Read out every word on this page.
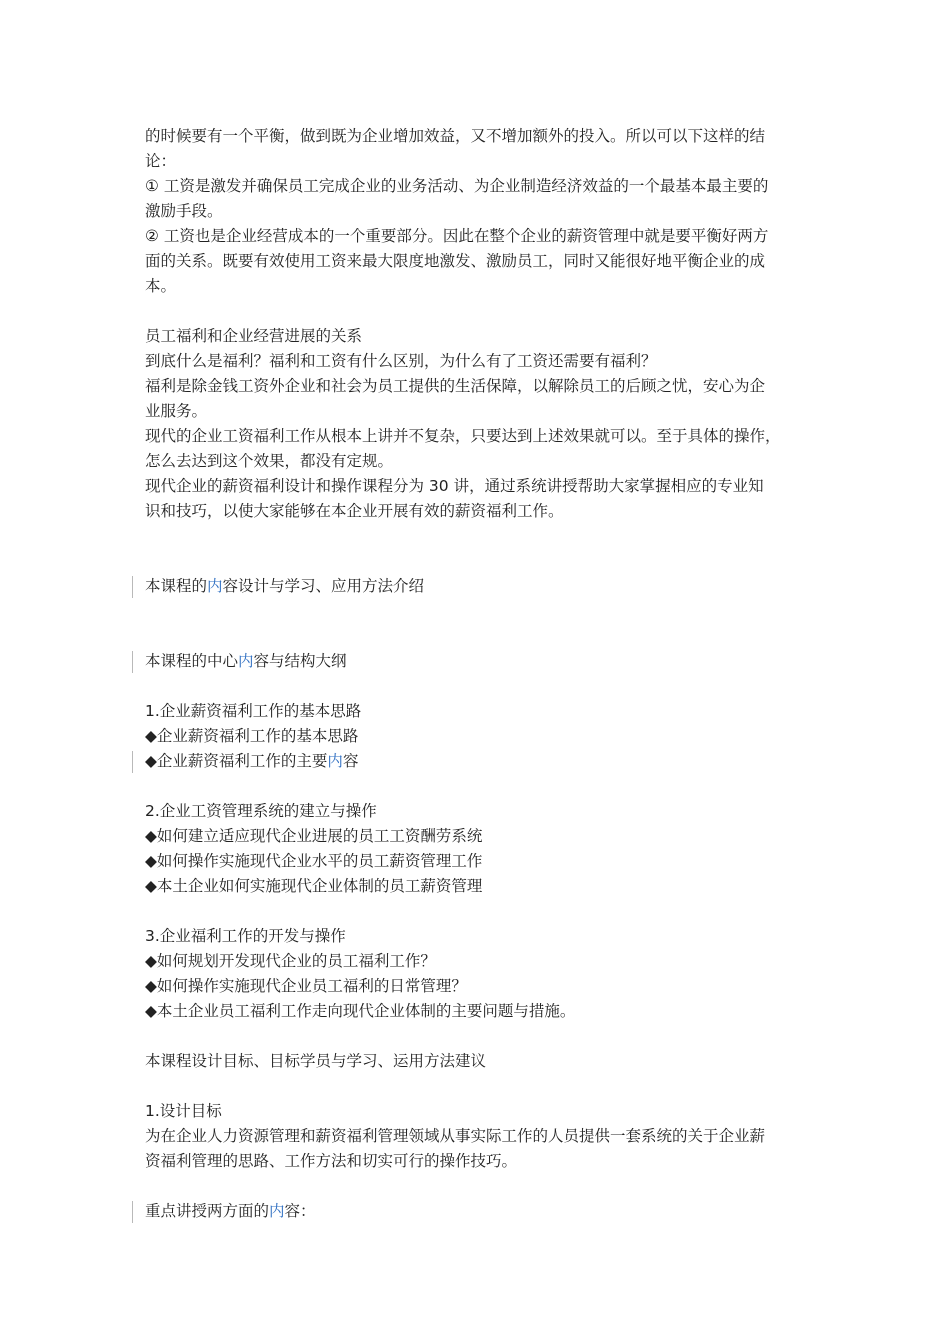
的时候要有一个平衡，做到既为企业增加效益，又不增加额外的投入。所以可以下这样的结
论：
① 工资是激发并确保员工完成企业的业务活动、为企业制造经济效益的一个最基本最主要的
激励手段。
② 工资也是企业经营成本的一个重要部分。因此在整个企业的薪资管理中就是要平衡好两方
面的关系。既要有效使用工资来最大限度地激发、激励员工，同时又能很好地平衡企业的成
本。
员工福利和企业经营进展的关系
到底什么是福利？福利和工资有什么区别，为什么有了工资还需要有福利？
福利是除金钱工资外企业和社会为员工提供的生活保障，以解除员工的后顾之忧，安心为企
业服务。
现代的企业工资福利工作从根本上讲并不复杂，只要达到上述效果就可以。至于具体的操作，
怎么去达到这个效果，都没有定规。
现代企业的薪资福利设计和操作课程分为 30 讲，通过系统讲授帮助大家掌握相应的专业知
识和技巧，以使大家能够在本企业开展有效的薪资福利工作。
本课程的内容设计与学习、应用方法介绍
本课程的中心内容与结构大纲
1.企业薪资福利工作的基本思路
◆企业薪资福利工作的基本思路
◆企业薪资福利工作的主要内容
2.企业工资管理系统的建立与操作
◆如何建立适应现代企业进展的员工工资酬劳系统
◆如何操作实施现代企业水平的员工薪资管理工作
◆本土企业如何实施现代企业体制的员工薪资管理
3.企业福利工作的开发与操作
◆如何规划开发现代企业的员工福利工作？
◆如何操作实施现代企业员工福利的日常管理？
◆本土企业员工福利工作走向现代企业体制的主要问题与措施。
本课程设计目标、目标学员与学习、运用方法建议
1.设计目标
为在企业人力资源管理和薪资福利管理领域从事实际工作的人员提供一套系统的关于企业薪
资福利管理的思路、工作方法和切实可行的操作技巧。
重点讲授两方面的内容：
